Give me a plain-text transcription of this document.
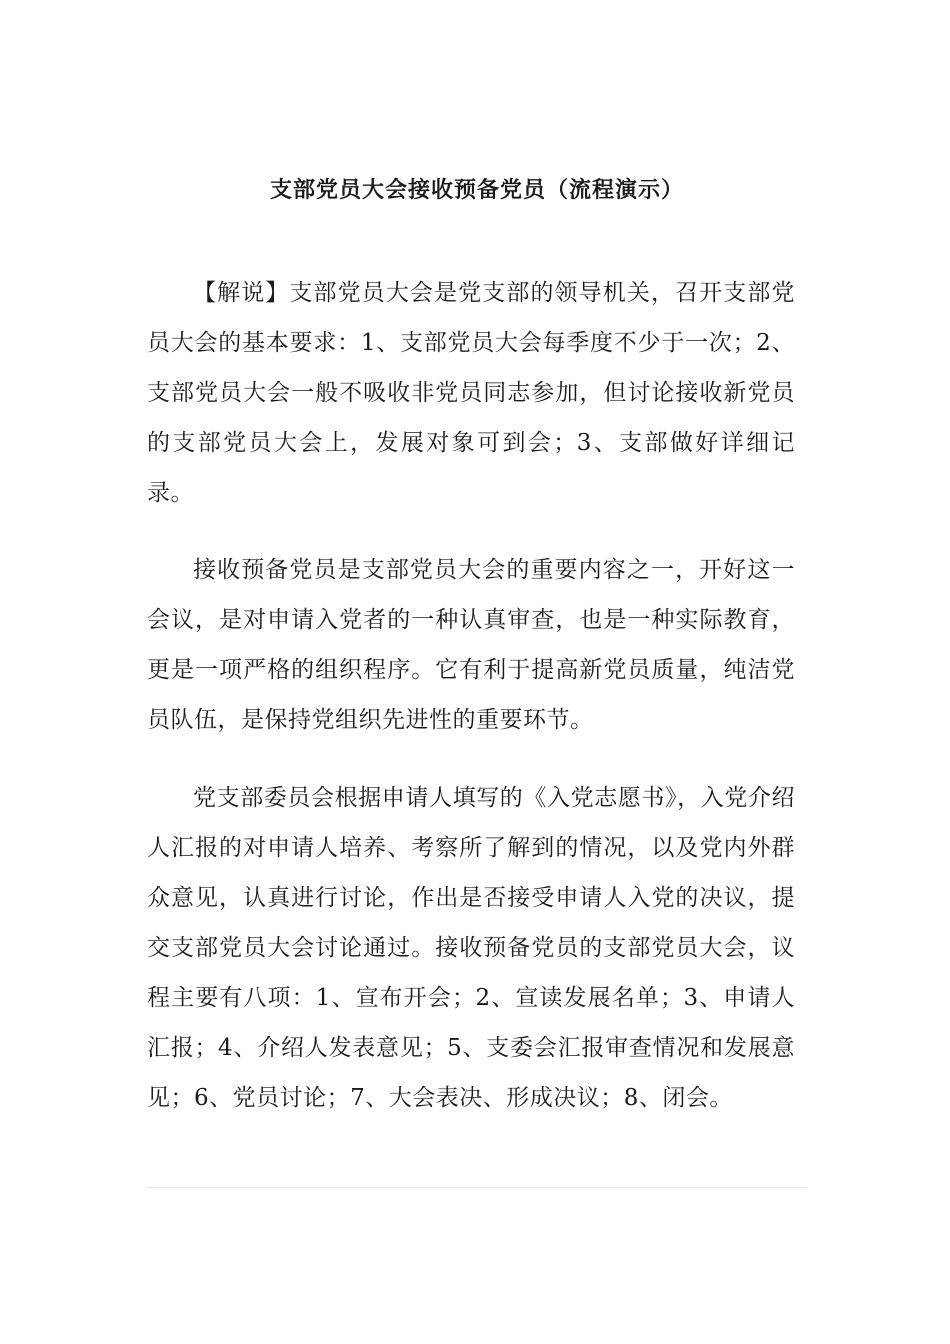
支部党员大会接收预备党员（流程演示）

【解说】支部党员大会是党支部的领导机关，召开支部党员大会的基本要求：1、支部党员大会每季度不少于一次；2、支部党员大会一般不吸收非党员同志参加，但讨论接收新党员的支部党员大会上，发展对象可到会；3、支部做好详细记录。

接收预备党员是支部党员大会的重要内容之一，开好这一会议，是对申请入党者的一种认真审查，也是一种实际教育，更是一项严格的组织程序。它有利于提高新党员质量，纯洁党员队伍，是保持党组织先进性的重要环节。

党支部委员会根据申请人填写的《入党志愿书》，入党介绍人汇报的对申请人培养、考察所了解到的情况，以及党内外群众意见，认真进行讨论，作出是否接受申请人入党的决议，提交支部党员大会讨论通过。接收预备党员的支部党员大会，议程主要有八项：1、宣布开会；2、宣读发展名单；3、申请人汇报；4、介绍人发表意见；5、支委会汇报审查情况和发展意见；6、党员讨论；7、大会表决、形成决议；8、闭会。
